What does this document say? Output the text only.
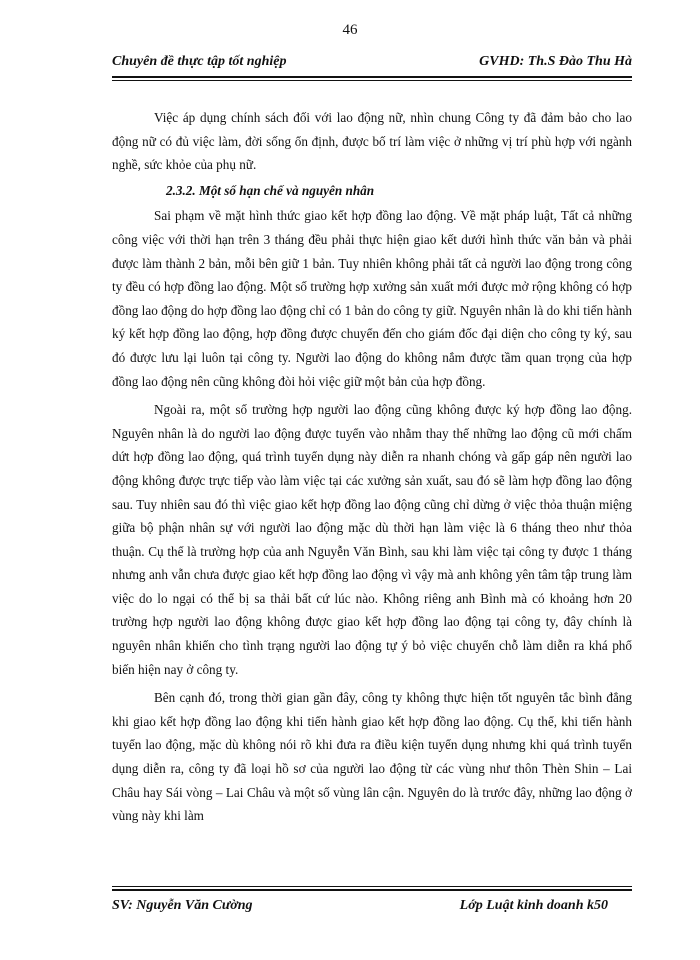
46
Chuyên đề thực tập tốt nghiệp	GVHD: Th.S Đào Thu Hà

Việc áp dụng chính sách đối với lao động nữ, nhìn chung Công ty đã đảm bảo cho lao động nữ có đủ việc làm, đời sống ổn định, được bố trí làm việc ở những vị trí phù hợp với ngành nghề, sức khỏe của phụ nữ.

2.3.2. Một số hạn chế và nguyên nhân

Sai phạm về mặt hình thức giao kết hợp đồng lao động. Về mặt pháp luật, Tất cả những công việc với thời hạn trên 3 tháng đều phải thực hiện giao kết dưới hình thức văn bản và phải được làm thành 2 bản, mỗi bên giữ 1 bản. Tuy nhiên không phải tất cả người lao động trong công ty đều có hợp đồng lao động. Một số trường hợp xưởng sản xuất mới được mở rộng không có hợp đồng lao động do hợp đồng lao động chỉ có 1 bản do công ty giữ. Nguyên nhân là do khi tiến hành ký kết hợp đồng lao động, hợp đồng được chuyển đến cho giám đốc đại diện cho công ty ký, sau đó được lưu lại luôn tại công ty. Người lao động do không nắm được tầm quan trọng của hợp đồng lao động nên cũng không đòi hỏi việc giữ một bản của hợp đồng.

Ngoài ra, một số trường hợp người lao động cũng không được ký hợp đồng lao động. Nguyên nhân là do người lao động được tuyển vào nhằm thay thế những lao động cũ mới chấm dứt hợp đồng lao động, quá trình tuyển dụng này diễn ra nhanh chóng và gấp gáp nên người lao động không được trực tiếp vào làm việc tại các xưởng sản xuất, sau đó sẽ làm hợp đồng lao động sau. Tuy nhiên sau đó thì việc giao kết hợp đồng lao động cũng chỉ dừng ở việc thỏa thuận miệng giữa bộ phận nhân sự với người lao động mặc dù thời hạn làm việc là 6 tháng theo như thỏa thuận. Cụ thể là trường hợp của anh Nguyễn Văn Bình, sau khi làm việc tại công ty được 1 tháng nhưng anh vẫn chưa được giao kết hợp đồng lao động vì vậy mà anh không yên tâm tập trung làm việc do lo ngại có thể bị sa thải bất cứ lúc nào. Không riêng anh Bình mà có khoảng hơn 20 trường hợp người lao động không được giao kết hợp đồng lao động tại công ty, đây chính là nguyên nhân khiến cho tình trạng người lao động tự ý bỏ việc chuyển chỗ làm diễn ra khá phổ biến hiện nay ở công ty.

Bên cạnh đó, trong thời gian gần đây, công ty không thực hiện tốt nguyên tắc bình đẳng khi giao kết hợp đồng lao động khi tiến hành giao kết hợp đồng lao động. Cụ thể, khi tiến hành tuyển lao động, mặc dù không nói rõ khi đưa ra điều kiện tuyển dụng nhưng khi quá trình tuyển dụng diễn ra, công ty đã loại hồ sơ của người lao động từ các vùng như thôn Thèn Shin – Lai Châu hay Sái vòng – Lai Châu và một số vùng lân cận. Nguyên do là trước đây, những lao động ở vùng này khi làm

SV: Nguyễn Văn Cường	Lớp Luật kinh doanh k50
